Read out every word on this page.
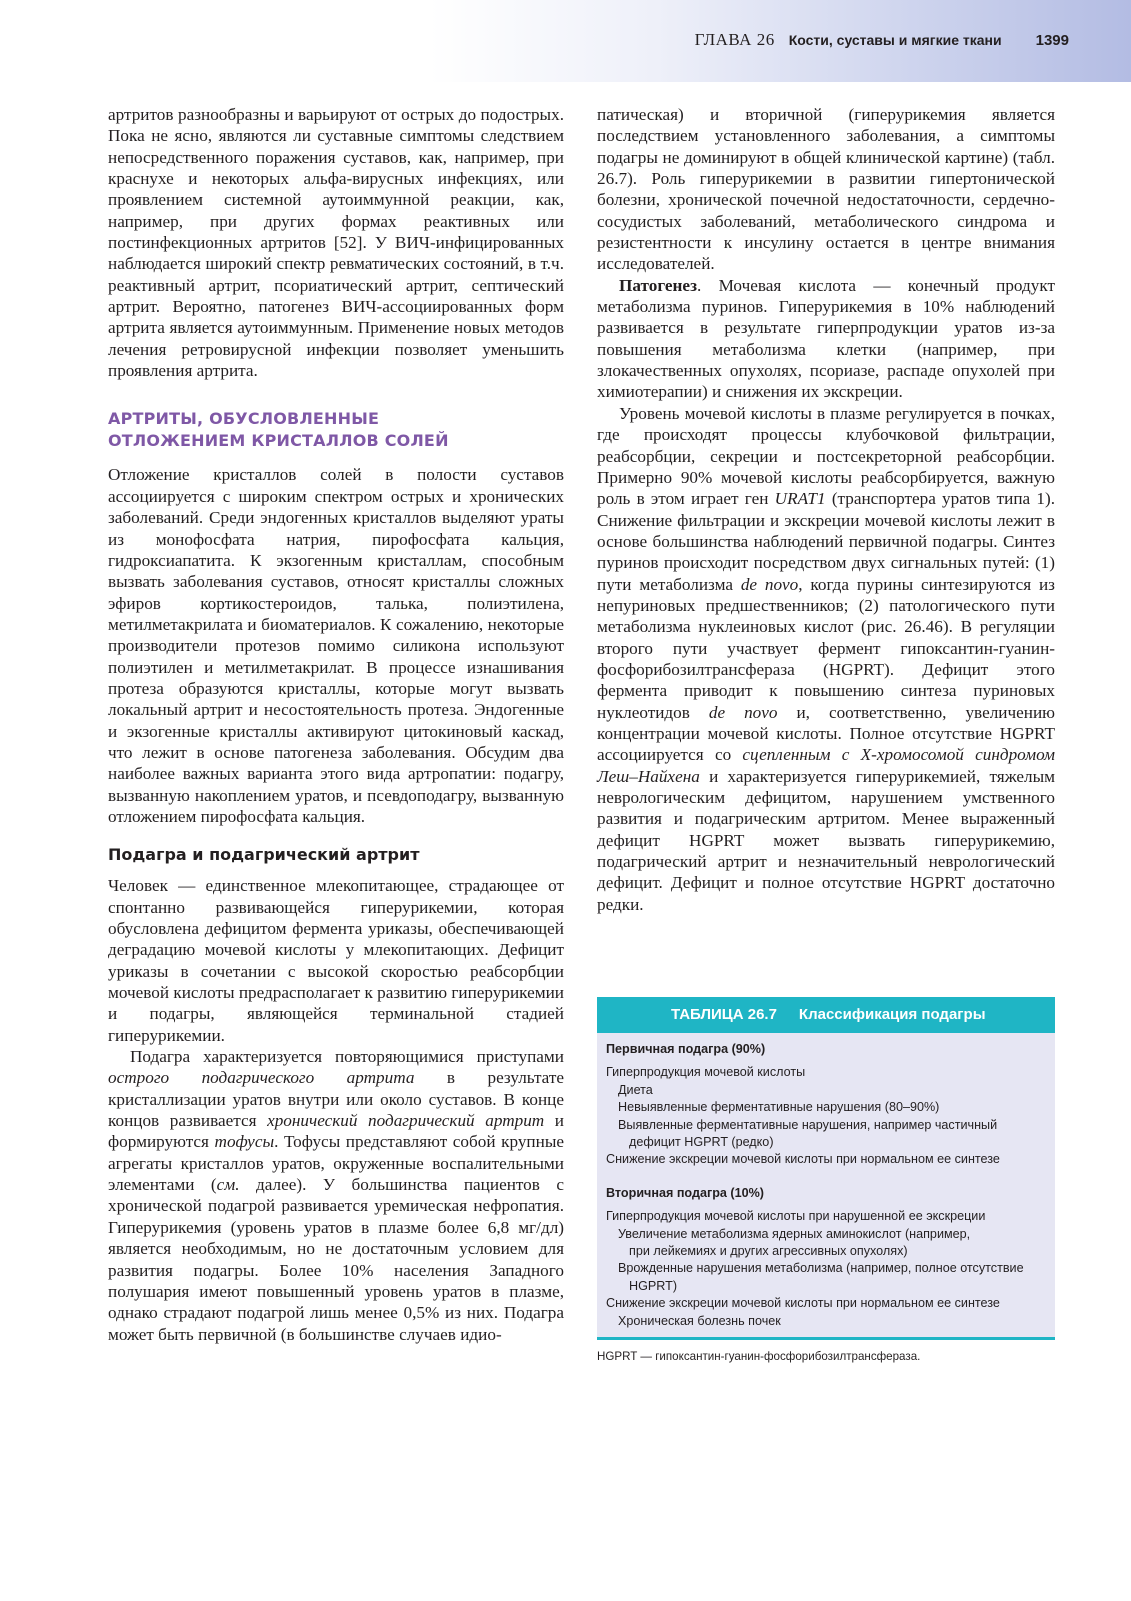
ГЛАВА 26 Кости, суставы и мягкие ткани 1399

артритов разнообразны и варьируют от острых до подострых. Пока не ясно, являются ли суставные симптомы следствием непосредственного поражения суставов, как, например, при краснухе и некоторых альфа-вирусных инфекциях, или проявлением системной аутоиммунной реакции, как, например, при других формах реактивных или постинфекционных артритов [52]. У ВИЧ-инфицированных наблюдается широкий спектр ревматических состояний, в т.ч. реактивный артрит, псориатический артрит, септический артрит. Вероятно, патогенез ВИЧ-ассоциированных форм артрита является аутоиммунным. Применение новых методов лечения ретровирусной инфекции позволяет уменьшить проявления артрита.

АРТРИТЫ, ОБУСЛОВЛЕННЫЕ
ОТЛОЖЕНИЕМ КРИСТАЛЛОВ СОЛЕЙ

Отложение кристаллов солей в полости суставов ассоциируется с широким спектром острых и хронических заболеваний. Среди эндогенных кристаллов выделяют ураты из монофосфата натрия, пирофосфата кальция, гидроксиапатита. К экзогенным кристаллам, способным вызвать заболевания суставов, относят кристаллы сложных эфиров кортикостероидов, талька, полиэтилена, метилметакрилата и биоматериалов. К сожалению, некоторые производители протезов помимо силикона используют полиэтилен и метилметакрилат. В процессе изнашивания протеза образуются кристаллы, которые могут вызвать локальный артрит и несостоятельность протеза. Эндогенные и экзогенные кристаллы активируют цитокиновый каскад, что лежит в основе патогенеза заболевания. Обсудим два наиболее важных варианта этого вида артропатии: подагру, вызванную накоплением уратов, и псевдоподагру, вызванную отложением пирофосфата кальция.

Подагра и подагрический артрит

Человек — единственное млекопитающее, страдающее от спонтанно развивающейся гиперурикемии, которая обусловлена дефицитом фермента уриказы, обеспечивающей деградацию мочевой кислоты у млекопитающих. Дефицит уриказы в сочетании с высокой скоростью реабсорбции мочевой кислоты предрасполагает к развитию гиперурикемии и подагры, являющейся терминальной стадией гиперурикемии.

Подагра характеризуется повторяющимися приступами острого подагрического артрита в результате кристаллизации уратов внутри или около суставов. В конце концов развивается хронический подагрический артрит и формируются тофусы. Тофусы представляют собой крупные агрегаты кристаллов уратов, окруженные воспалительными элементами (см. далее). У большинства пациентов с хронической подагрой развивается уремическая нефропатия. Гиперурикемия (уровень уратов в плазме более 6,8 мг/дл) является необходимым, но не достаточным условием для развития подагры. Более 10% населения Западного полушария имеют повышенный уровень уратов в плазме, однако страдают подагрой лишь менее 0,5% из них. Подагра может быть первичной (в большинстве случаев идио-

патическая) и вторичной (гиперурикемия является последствием установленного заболевания, а симптомы подагры не доминируют в общей клинической картине) (табл. 26.7). Роль гиперурикемии в развитии гипертонической болезни, хронической почечной недостаточности, сердечно-сосудистых заболеваний, метаболического синдрома и резистентности к инсулину остается в центре внимания исследователей.

Патогенез. Мочевая кислота — конечный продукт метаболизма пуринов. Гиперурикемия в 10% наблюдений развивается в результате гиперпродукции уратов из-за повышения метаболизма клетки (например, при злокачественных опухолях, псориазе, распаде опухолей при химиотерапии) и снижения их экскреции.

Уровень мочевой кислоты в плазме регулируется в почках, где происходят процессы клубочковой фильтрации, реабсорбции, секреции и постсекреторной реабсорбции. Примерно 90% мочевой кислоты реабсорбируется, важную роль в этом играет ген URAT1 (транспортера уратов типа 1). Снижение фильтрации и экскреции мочевой кислоты лежит в основе большинства наблюдений первичной подагры. Синтез пуринов происходит посредством двух сигнальных путей: (1) пути метаболизма de novo, когда пурины синтезируются из непуриновых предшественников; (2) патологического пути метаболизма нуклеиновых кислот (рис. 26.46). В регуляции второго пути участвует фермент гипоксантин-гуанин-фосфорибозилтрансфераза (HGPRT). Дефицит этого фермента приводит к повышению синтеза пуриновых нуклеотидов de novo и, соответственно, увеличению концентрации мочевой кислоты. Полное отсутствие HGPRT ассоциируется со сцепленным с X-хромосомой синдромом Леш–Найхена и характеризуется гиперурикемией, тяжелым неврологическим дефицитом, нарушением умственного развития и подагрическим артритом. Менее выраженный дефицит HGPRT может вызвать гиперурикемию, подагрический артрит и незначительный неврологический дефицит. Дефицит и полное отсутствие HGPRT достаточно редки.

ТАБЛИЦА 26.7 Классификация подагры
Первичная подагра (90%)
Гиперпродукция мочевой кислоты
Диета
Невыявленные ферментативные нарушения (80–90%)
Выявленные ферментативные нарушения, например частичный
дефицит HGPRT (редко)
Снижение экскреции мочевой кислоты при нормальном ее синтезе
Вторичная подагра (10%)
Гиперпродукция мочевой кислоты при нарушенной ее экскреции
Увеличение метаболизма ядерных аминокислот (например,
при лейкемиях и других агрессивных опухолях)
Врожденные нарушения метаболизма (например, полное отсутствие
HGPRT)
Снижение экскреции мочевой кислоты при нормальном ее синтезе
Хроническая болезнь почек
HGPRT — гипоксантин-гуанин-фосфорибозилтрансфераза.
